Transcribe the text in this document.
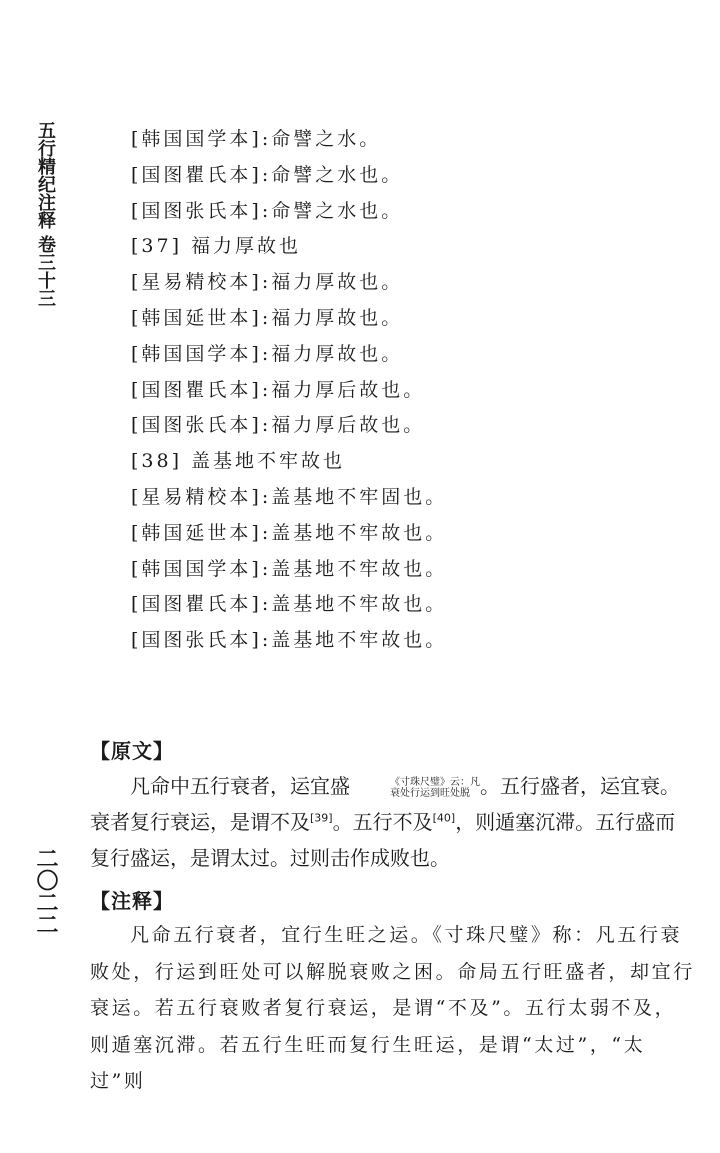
五行精纪注释 卷三十三	[韩国国学本]:命譬之水。
[国图瞿氏本]:命譬之水也。
[国图张氏本]:命譬之水也。
[37] 福力厚故也
[星易精校本]:福力厚故也。
[韩国延世本]:福力厚故也。
[韩国国学本]:福力厚故也。
[国图瞿氏本]:福力厚后故也。
[国图张氏本]:福力厚后故也。
[38] 盖基地不牢故也
[星易精校本]:盖基地不牢固也。
[韩国延世本]:盖基地不牢故也。
[韩国国学本]:盖基地不牢故也。
[国图瞿氏本]:盖基地不牢故也。
[国图张氏本]:盖基地不牢故也。
【原文】

凡命中五行衰者，运宜盛	《寸珠尺璧》云：凡
衰处行运到旺处脱 。五行盛者，运宜衰。衰者复行衰运，是谓不及[39]。五行不及[40]，则遁塞沉滞。五行盛而复行盛运，是谓太过。过则击作成败也。

【注释】

凡命五行衰者，宜行生旺之运。《寸珠尺璧》称：凡五行衰败处，行运到旺处可以解脱衰败之困。命局五行旺盛者，却宜行衰运。若五行衰败者复行衰运，是谓“不及”。五行太弱不及，则遁塞沉滞。若五行生旺而复行生旺运，是谓“太过”，“太过”则

二〇二二
